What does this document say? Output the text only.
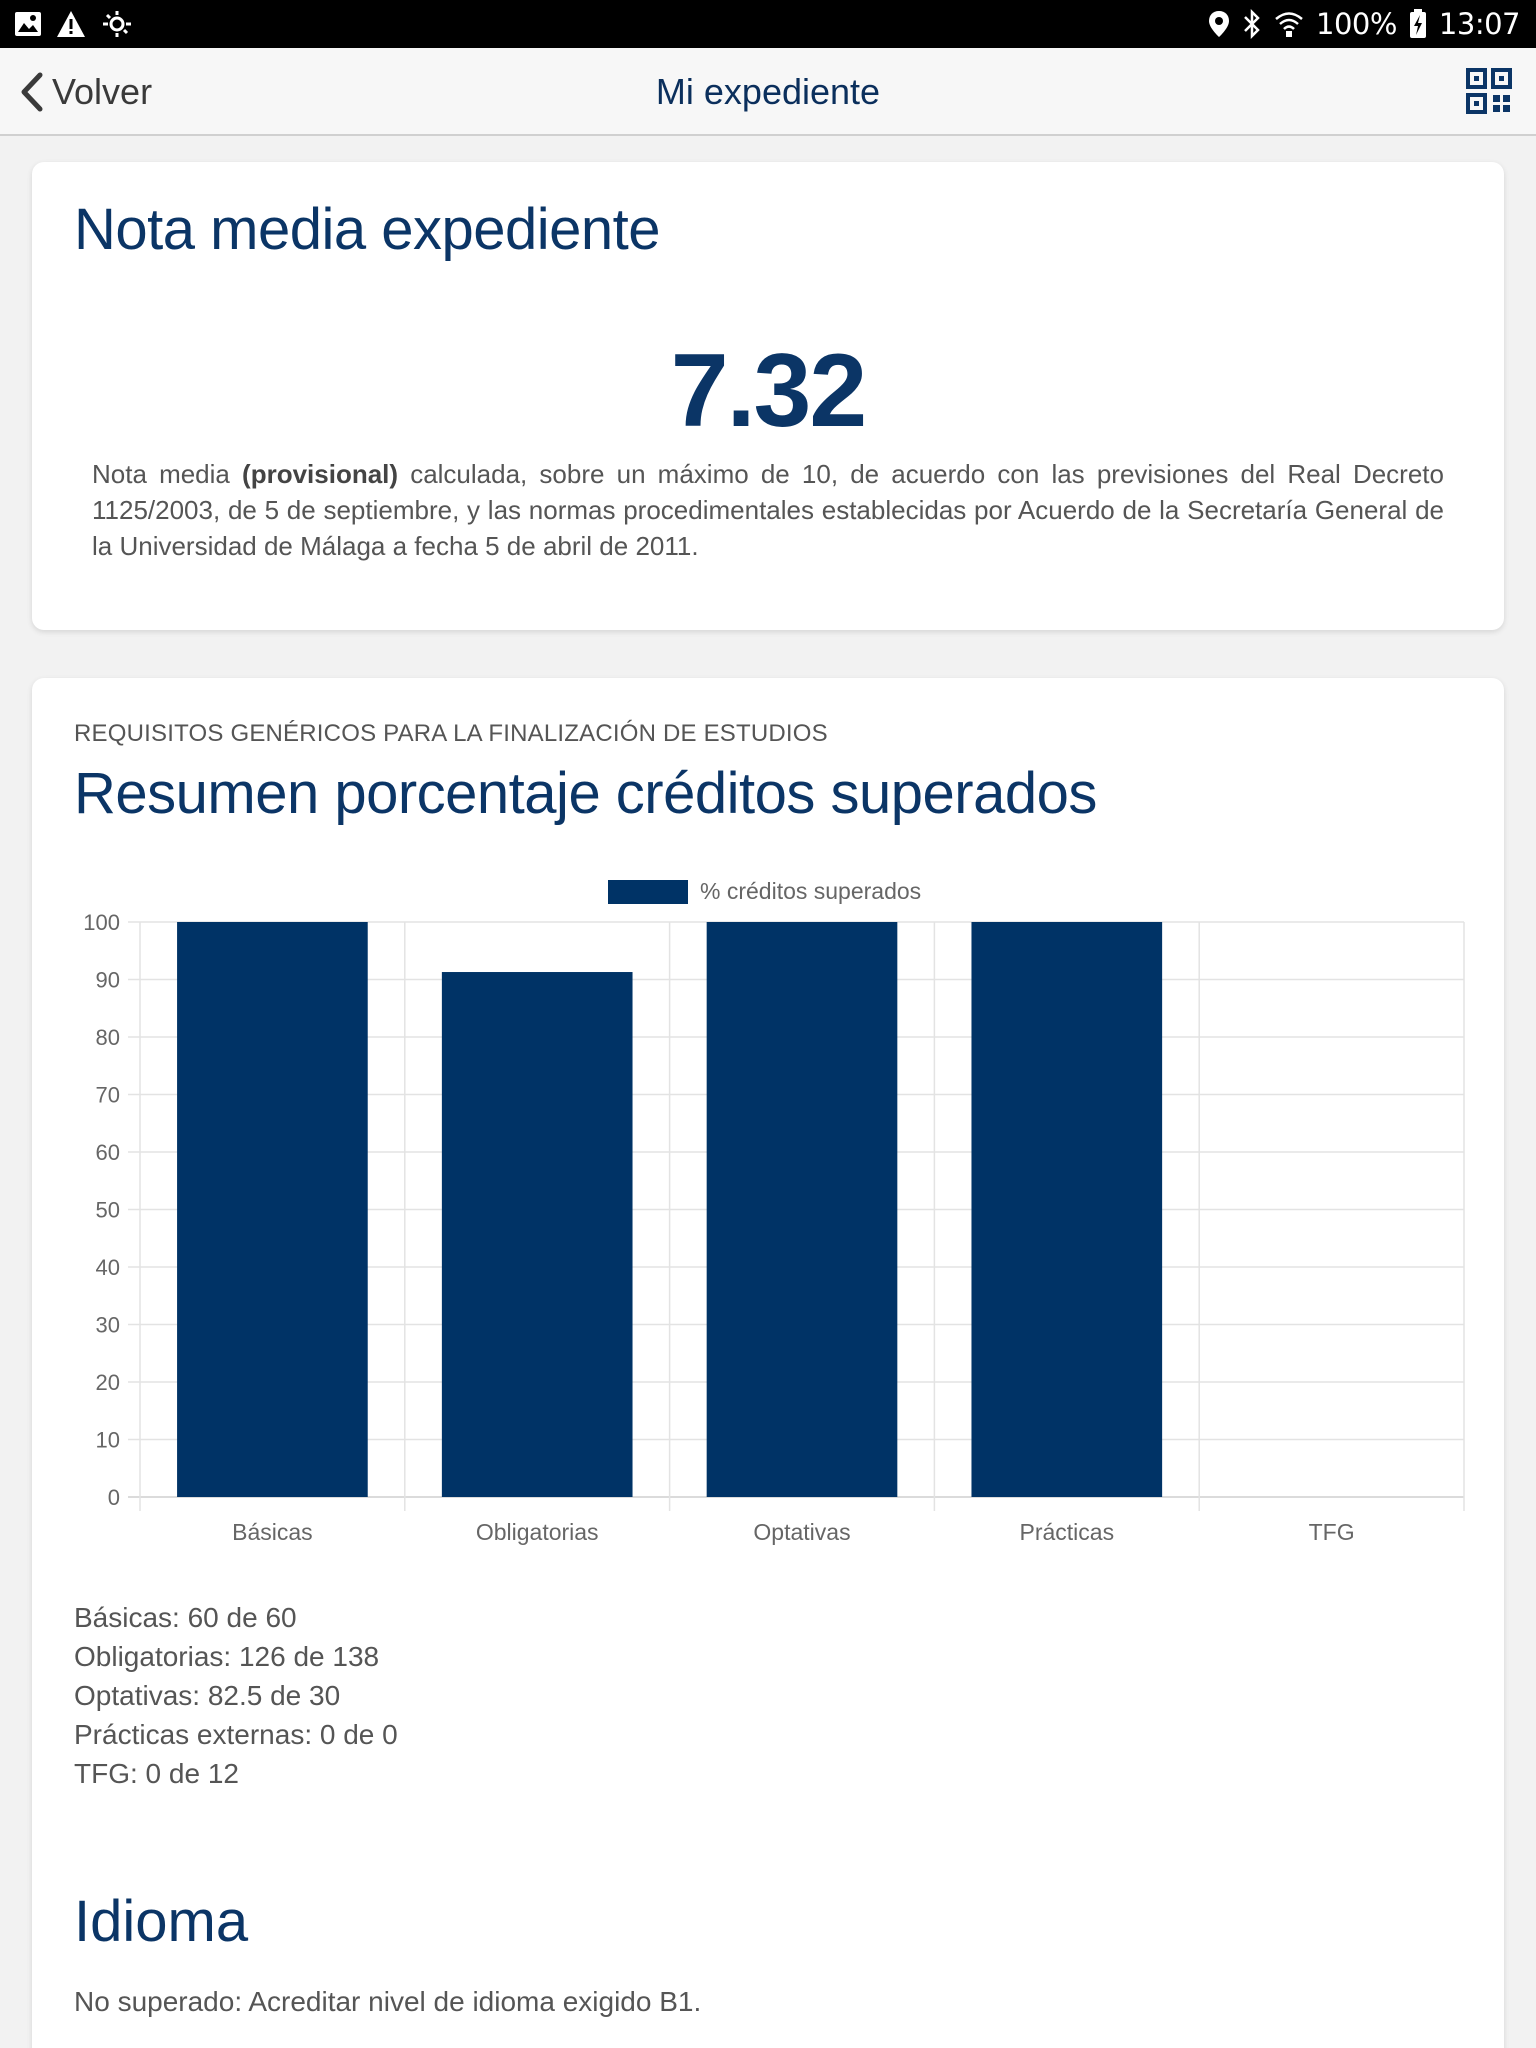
100% 13:07
Mi expediente
Volver
Nota media expediente
7.32
Nota media (provisional) calculada, sobre un máximo de 10, de acuerdo con las previsiones del Real Decreto 1125/2003, de 5 de septiembre, y las normas procedimentales establecidas por Acuerdo de la Secretaría General de la Universidad de Málaga a fecha 5 de abril de 2011.
REQUISITOS GENÉRICOS PARA LA FINALIZACIÓN DE ESTUDIOS
Resumen porcentaje créditos superados
% créditos superados
0
10
20
30
40
50
60
70
80
90
100
Básicas	Obligatorias	Optativas	Prácticas	TFG
Básicas: 60 de 60
Obligatorias: 126 de 138
Optativas: 82.5 de 30
Prácticas externas: 0 de 0
TFG: 0 de 12
Idioma
No superado: Acreditar nivel de idioma exigido B1.
